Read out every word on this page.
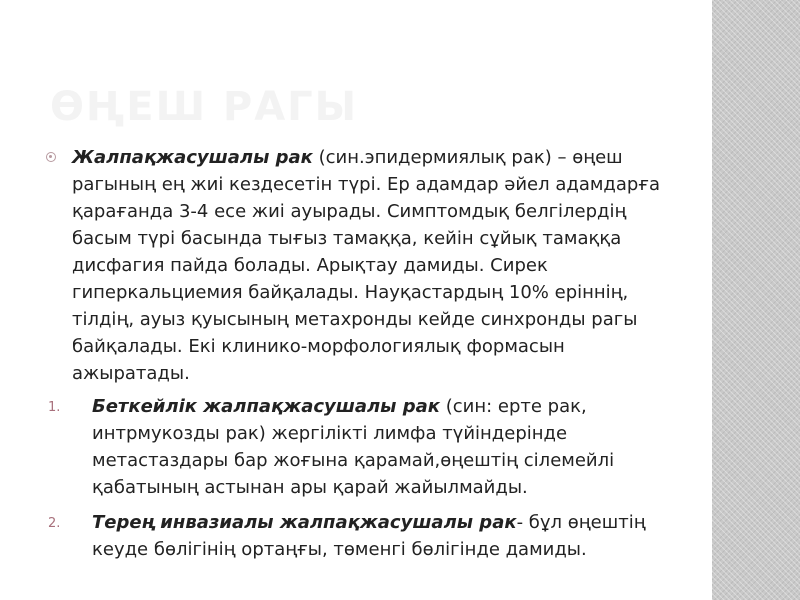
ӨҢЕШ РАГЫ

Жалпақжасушалы рак (син.эпидермиялық рак) – өңеш рагының ең жиі кездесетін түрі. Ер адамдар әйел адамдарға қарағанда 3-4 есе жиі ауырады. Симптомдық белгілердің басым түрі басында тығыз тамаққа, кейін сұйық тамаққа дисфагия пайда болады. Арықтау дамиды. Сирек гиперкальциемия байқалады. Науқастардың 10% ерiннің, тілдің, ауыз қуысының метахронды кейде синхронды рагы байқалады. Екі клинико-морфологиялық формасын ажыратады.

1. Беткейлік жалпақжасушалы рак (син: ерте рак, интрмукозды рак) жергілікті лимфа түйіндерінде метастаздары бар жоғына қарамай,өңештің сілемейлі қабатының астынан ары қарай жайылмайды.
2. Терең инвазиалы жалпақжасушалы рак- бұл өңештің кеуде бөлігінің ортаңғы, төменгі бөлігінде дамиды.
